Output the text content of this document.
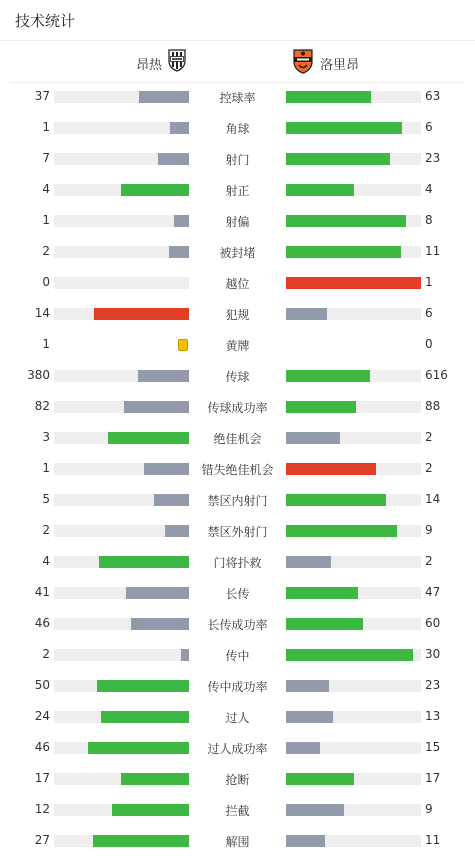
技术统计
昂热	洛里昂
37	控球率	63
1	角球	6
7	射门	23
4	射正	4
1	射偏	8
2	被封堵	11
0	越位	1
14	犯规	6
1	黄牌	0
380	传球	616
82	传球成功率	88
3	绝佳机会	2
1	错失绝佳机会	2
5	禁区内射门	14
2	禁区外射门	9
4	门将扑救	2
41	长传	47
46	长传成功率	60
2	传中	30
50	传中成功率	23
24	过人	13
46	过人成功率	15
17	抢断	17
12	拦截	9
27	解围	11
